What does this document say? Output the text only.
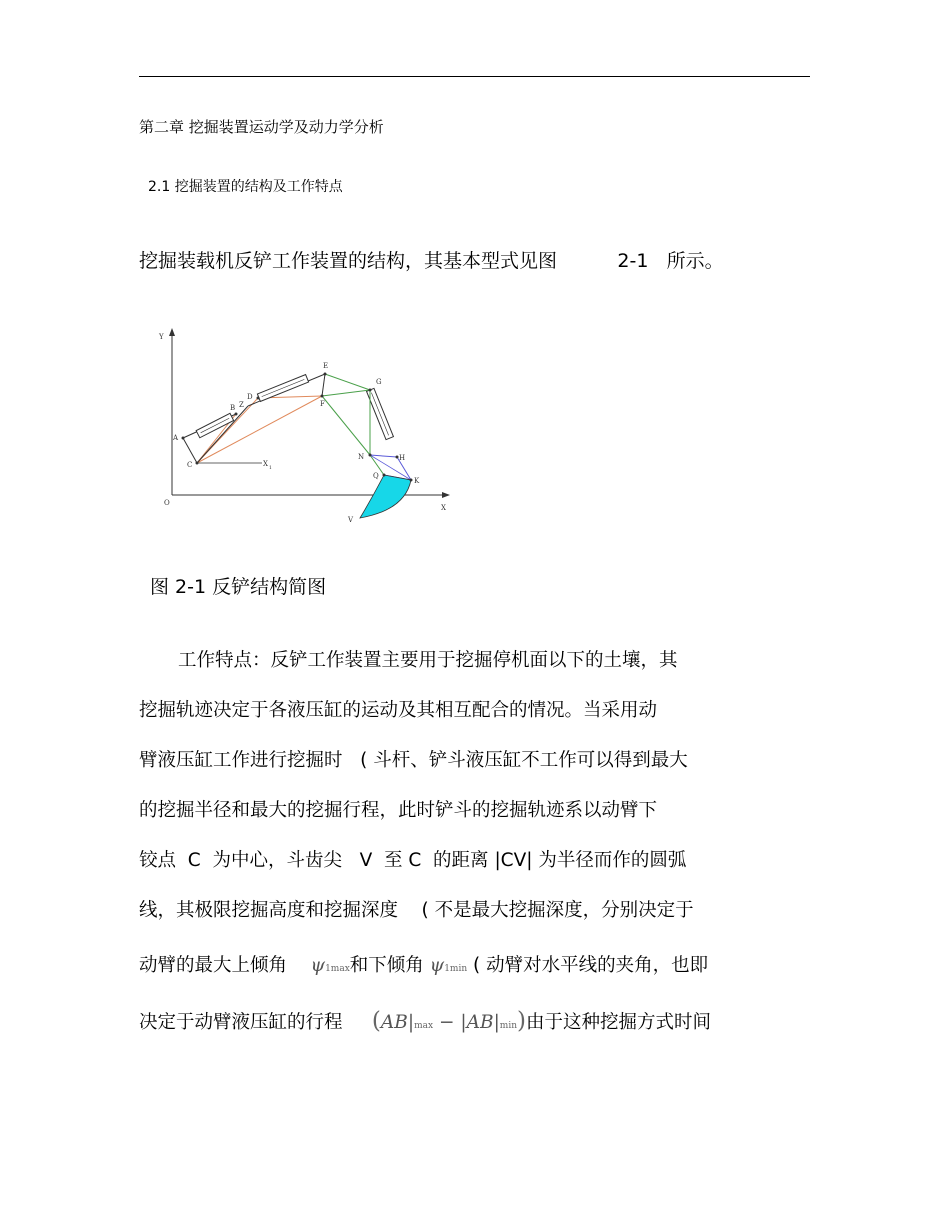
第二章 挖掘装置运动学及动力学分析
2.1 挖掘装置的结构及工作特点
挖掘装载机反铲工作装置的结构，其基本型式见图	2-1 所示。
Y
O
X
A
C
B
D
Z
E
F
G
N	H
Q
K
V
X
1
图 2-1 反铲结构简图
工作特点：反铲工作装置主要用于挖掘停机面以下的土壤，其
挖掘轨迹决定于各液压缸的运动及其相互配合的情况。当采用动
臂液压缸工作进行挖掘时   ( 斗杆、铲斗液压缸不工作可以得到最大
的挖掘半径和最大的挖掘行程，此时铲斗的挖掘轨迹系以动臂下
铰点  C  为中心，斗齿尖   V  至 C  的距离 |CV| 为半径而作的圆弧
线，其极限挖掘高度和挖掘深度    ( 不是最大挖掘深度，分别决定于
动臂的最大上倾角 ψ1max和下倾角 ψ1min ( 动臂对水平线的夹角，也即
决定于动臂液压缸的行程 (AB|max − |AB|min)由于这种挖掘方式时间
